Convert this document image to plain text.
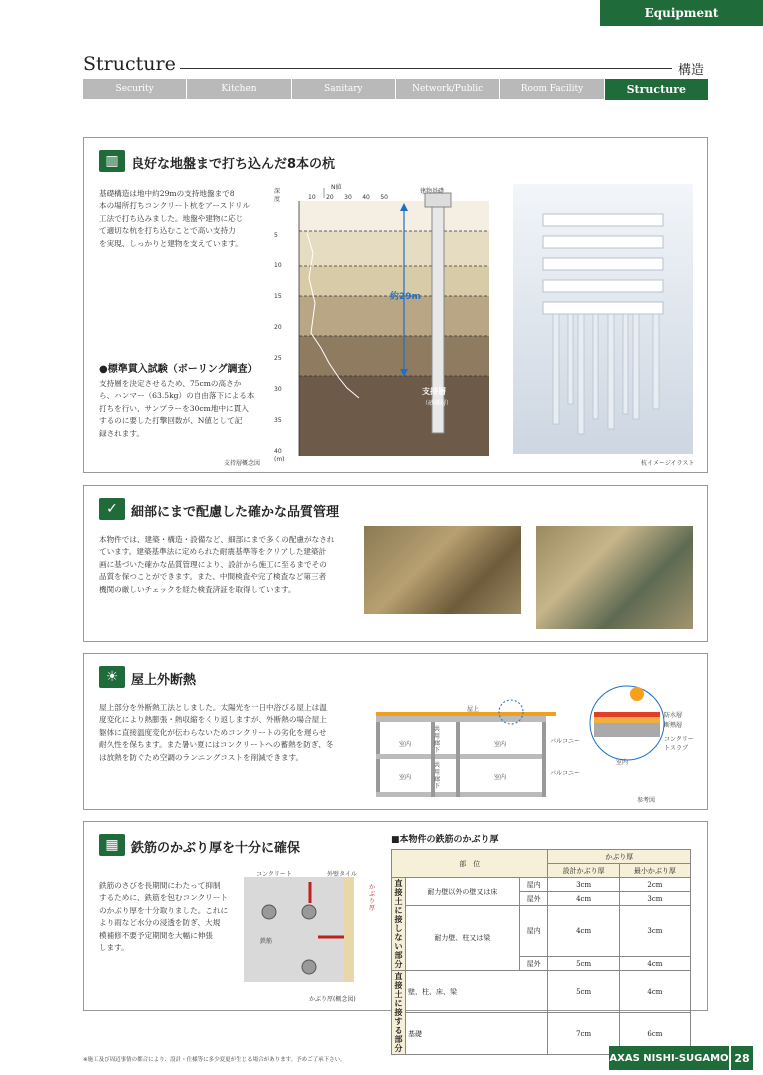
Equipment
Structure	構造
Security	Kitchen	Sanitary	Network/Public	Room Facility	Structure
▥ 良好な地盤まで打ち込んだ8本の杭
基礎構造は地中約29mの支持地盤まで8
本の場所打ちコンクリート杭をアースドリル
工法で打ち込みました。地盤や建物に応じ
て適切な杭を打ち込むことで高い支持力
を実現、しっかりと建物を支えています。
●標準貫入試験（ボーリング調査）
支持層を決定させるため、75cmの高さか
ら、ハンマー（63.5kg）の自由落下による本
打ちを行い、サンプラーを30cm地中に貫入
するのに要した打撃回数が、N値として記
録されます。
N値
10 20 30 40 50
深度
5
10
15
20
25
30
35
40
(m)
建物基礎
約29m
支持層
（砂礫層）
支持層概念図	杭イメージイラスト
✓	細部にまで配慮した確かな品質管理
本物件では、建築・構造・設備など、細部にまで多くの配慮がなされ
ています。建築基準法に定められた耐震基準等をクリアした建築計
画に基づいた確かな品質管理により、設計から施工に至るまでその
品質を保つことができます。また、中間検査や完了検査など第三者
機関の厳しいチェックを経た検査済証を取得しています。
☀ 屋上外断熱
屋上部分を外断熱工法としました。太陽光を一日中浴びる屋上は温
度変化により熱膨張・熱収縮をくり返しますが、外断熱の場合屋上
躯体に直接温度変化が伝わらないためコンクリートの劣化を遅らせ
耐久性を保ちます。また暑い夏にはコンクリートへの蓄熱を防ぎ、冬
は放熱を防ぐため空調のランニングコストを削減できます。
屋上
室内
室内
共用廊下
共用廊下
室内
室内
バルコニー
バルコニー
防水層
断熱層
コンクリートスラブ
室内
参考図
▦ 鉄筋のかぶり厚を十分に確保
鉄筋のさびを長期間にわたって抑制
するために、鉄筋を包むコンクリート
のかぶり厚を十分取りました。これに
より雨など水分の浸透を防ぎ、大規
模補修不要予定期間を大幅に伸張
します。
コンクリート	外壁タイル
鉄筋
かぶり厚
かぶり厚(概念図)
■本物件の鉄筋のかぶり厚
部　位			かぶり厚	
			設計かぶり厚	最小かぶり厚
直接土に接しない部分	耐力壁以外の壁又は床	屋内	3cm	2cm
		屋外	4cm	3cm
	耐力壁、柱又は梁	屋内	4cm	3cm
		屋外	5cm	4cm
直接土に接する部分	壁、柱、床、梁		5cm	4cm
	基礎		7cm	6cm
※施工及び周辺事情の都合により、設計・仕様等に多少変更が生じる場合があります。予めご了承下さい。	AXAS NISHI-SUGAMO 28
